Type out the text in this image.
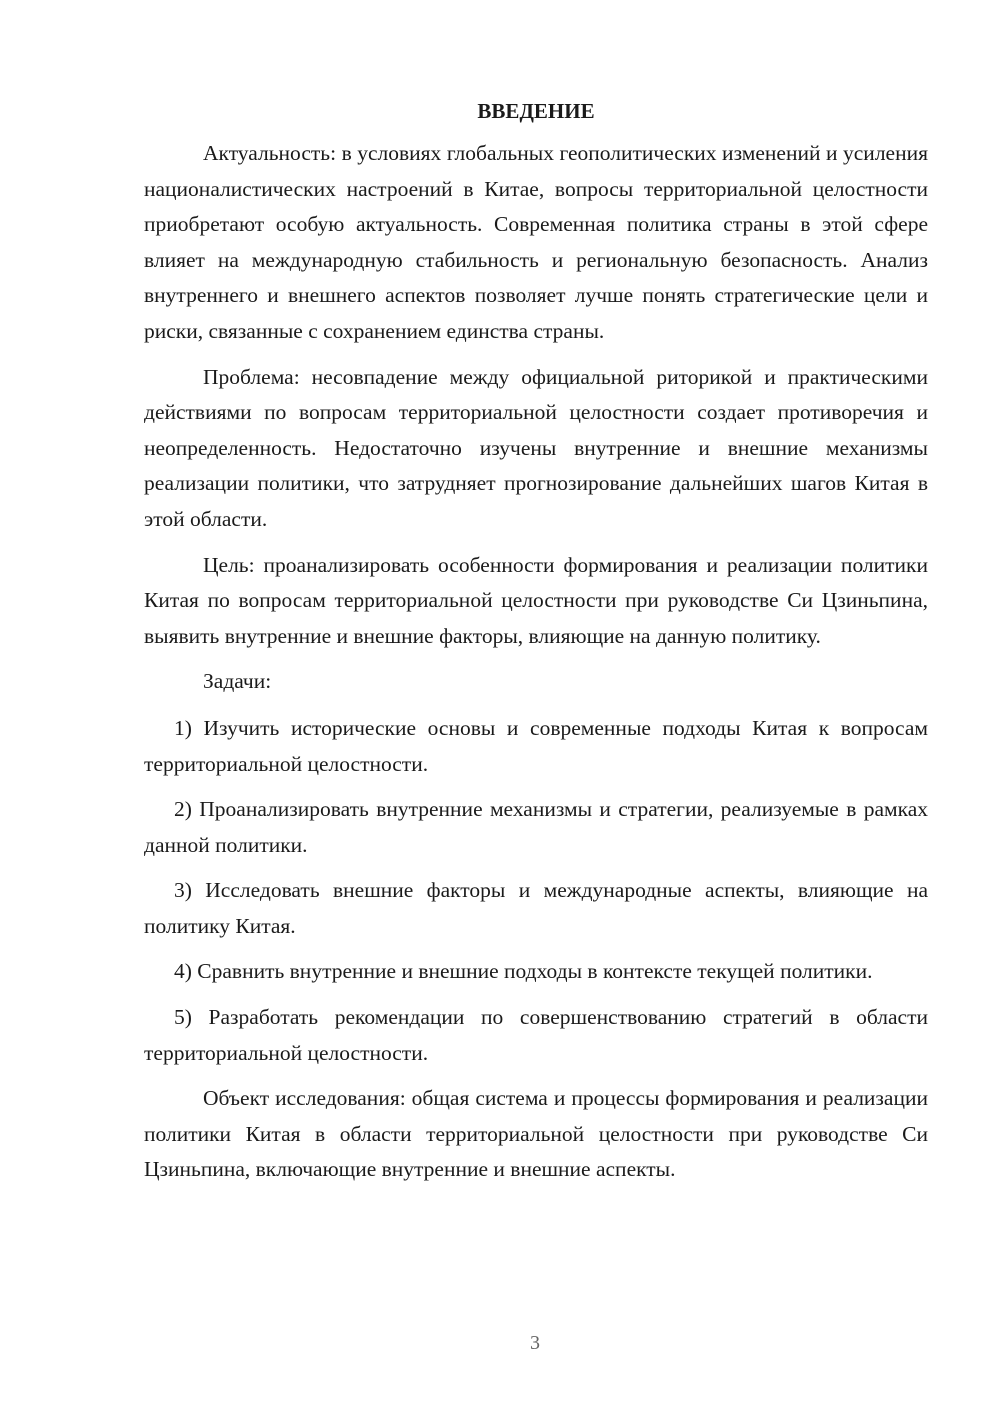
ВВЕДЕНИЕ

Актуальность: в условиях глобальных геополитических изменений и усиления националистических настроений в Китае, вопросы территориальной целостности приобретают особую актуальность. Современная политика страны в этой сфере влияет на международную стабильность и региональную безопасность. Анализ внутреннего и внешнего аспектов позволяет лучше понять стратегические цели и риски, связанные с сохранением единства страны.

Проблема: несовпадение между официальной риторикой и практическими действиями по вопросам территориальной целостности создает противоречия и неопределенность. Недостаточно изучены внутренние и внешние механизмы реализации политики, что затрудняет прогнозирование дальнейших шагов Китая в этой области.

Цель: проанализировать особенности формирования и реализации политики Китая по вопросам территориальной целостности при руководстве Си Цзиньпина, выявить внутренние и внешние факторы, влияющие на данную политику.

Задачи:

1) Изучить исторические основы и современные подходы Китая к вопросам территориальной целостности.

2) Проанализировать внутренние механизмы и стратегии, реализуемые в рамках данной политики.

3) Исследовать внешние факторы и международные аспекты, влияющие на политику Китая.

4) Сравнить внутренние и внешние подходы в контексте текущей политики.

5) Разработать рекомендации по совершенствованию стратегий в области территориальной целостности.

Объект исследования: общая система и процессы формирования и реализации политики Китая в области территориальной целостности при руководстве Си Цзиньпина, включающие внутренние и внешние аспекты.

3
